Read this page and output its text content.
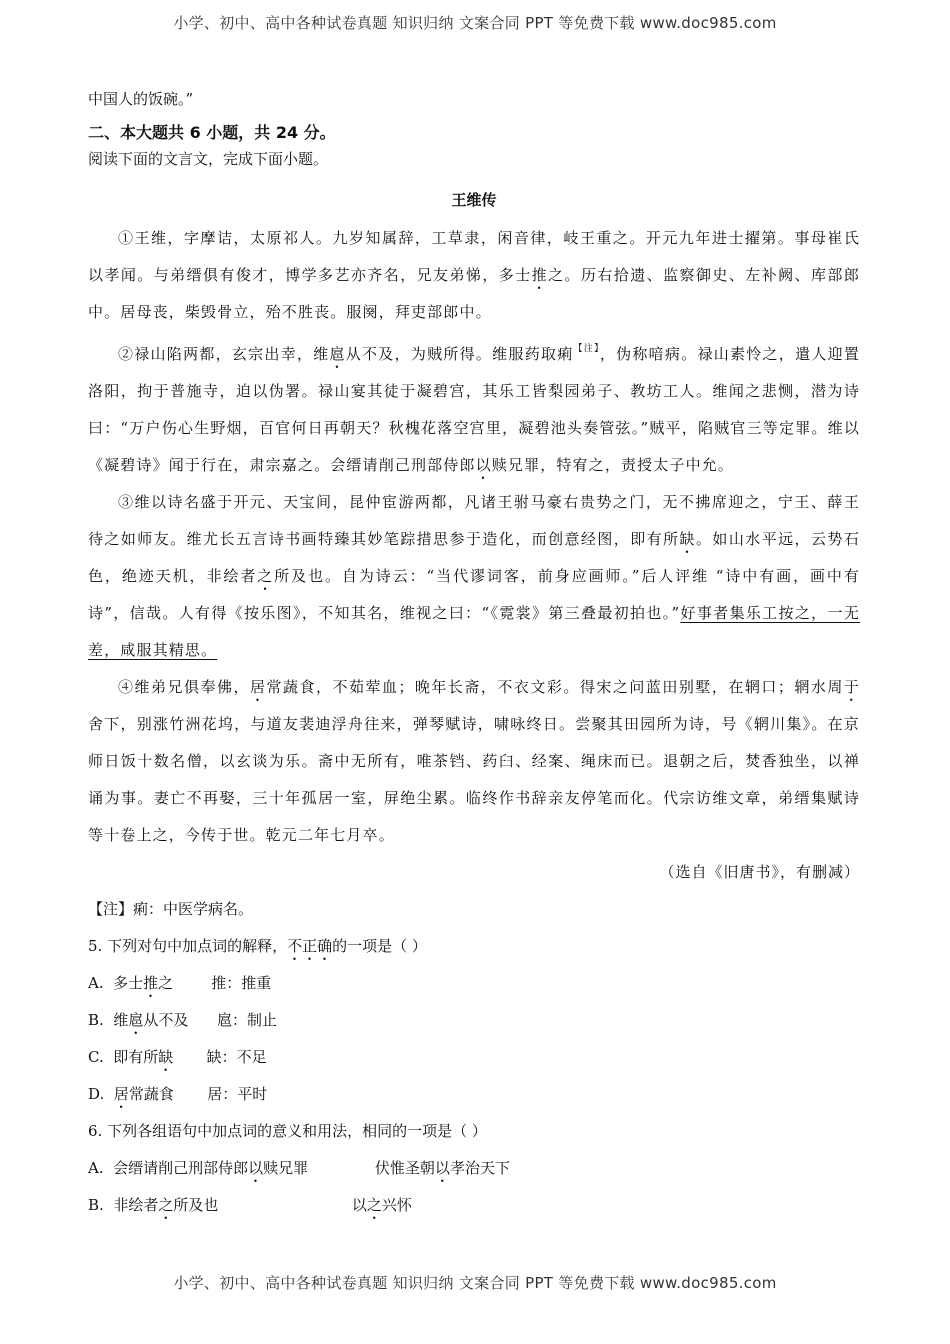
小学、初中、高中各种试卷真题 知识归纳 文案合同 PPT 等免费下载 www.doc985.com
中国人的饭碗。”
二、本大题共 6 小题，共 24 分。
阅读下面的文言文，完成下面小题。
王维传
①王维，字摩诘，太原祁人。九岁知属辞，工草隶，闲音律，岐王重之。开元九年进士擢第。事母崔氏以孝闻。与弟缙俱有俊才，博学多艺亦齐名，兄友弟悌，多士推之。历右拾遗、监察御史、左补阙、库部郎中。居母丧，柴毁骨立，殆不胜丧。服阕，拜吏部郎中。
②禄山陷两都，玄宗出幸，维扈从不及，为贼所得。维服药取痢$^{【注】}$，伪称喑病。禄山素怜之，遣人迎置洛阳，拘于普施寺，迫以伪署。禄山宴其徒于凝碧宫，其乐工皆梨园弟子、教坊工人。维闻之悲恻，潜为诗曰：“万户伤心生野烟，百官何日再朝天？秋槐花落空宫里，凝碧池头奏管弦。”贼平，陷贼官三等定罪。维以《凝碧诗》闻于行在，肃宗嘉之。会缙请削己刑部侍郎以赎兄罪，特宥之，责授太子中允。
③维以诗名盛于开元、天宝间，昆仲宦游两都，凡诸王驸马豪右贵势之门，无不拂席迎之，宁王、薛王待之如师友。维尤长五言诗书画特臻其妙笔踪措思参于造化，而创意经图，即有所缺。如山水平远，云势石色，绝迹天机，非绘者之所及也。自为诗云：“当代谬词客，前身应画师。”后人评维 “诗中有画，画中有诗”，信哉。人有得《按乐图》，不知其名，维视之曰：“《霓裳》第三叠最初拍也。”好事者集乐工按之，一无差，咸服其精思。
④维弟兄俱奉佛，居常蔬食，不茹荤血；晚年长斋，不衣文彩。得宋之问蓝田别墅，在辋口；辋水周于舍下，别涨竹洲花坞，与道友裴迪浮舟往来，弹琴赋诗，啸咏终日。尝聚其田园所为诗，号《辋川集》。在京师日饭十数名僧，以玄谈为乐。斋中无所有，唯茶铛、药臼、经案、绳床而已。退朝之后，焚香独坐，以禅诵为事。妻亡不再娶，三十年孤居一室，屏绝尘累。临终作书辞亲友停笔而化。代宗访维文章，弟缙集赋诗等十卷上之，今传于世。乾元二年七月卒。
（选自《旧唐书》，有删减）
【注】痢：中医学病名。
5. 下列对句中加点词的解释，不正确的一项是（ ）
A.  多士推之        推：推重
B.  维扈从不及      扈：制止
C.  即有所缺       缺：不足
D.  居常蔬食       居：平时
6. 下列各组语句中加点词的意义和用法，相同的一项是（ ）
A.  会缙请削己刑部侍郎以赎兄罪              伏惟圣朝以孝治天下
B.  非绘者之所及也                            以之兴怀
小学、初中、高中各种试卷真题 知识归纳 文案合同 PPT 等免费下载 www.doc985.com
